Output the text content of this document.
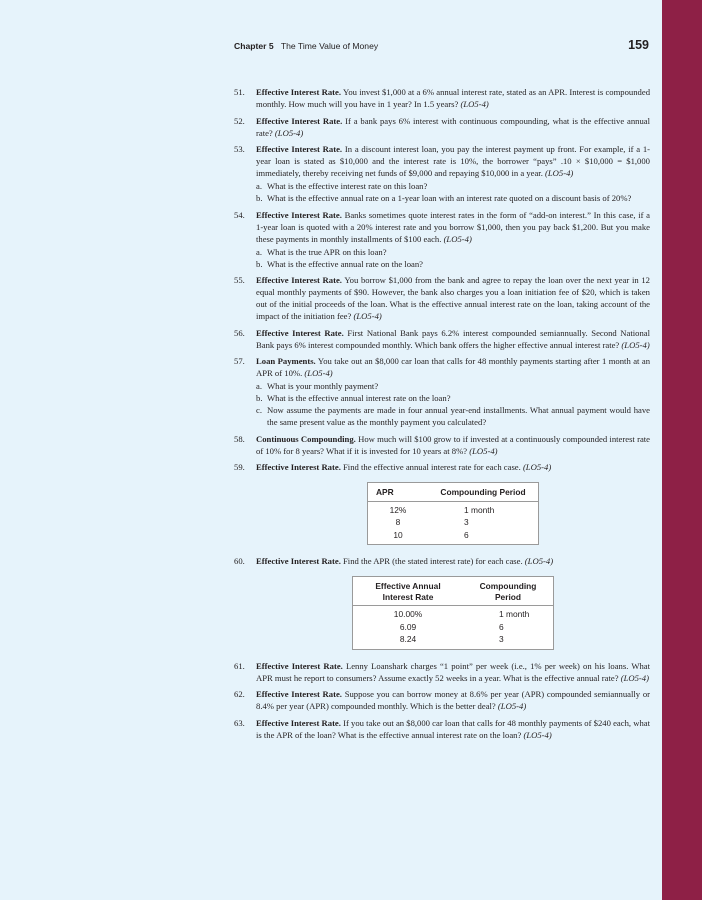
Chapter 5 The Time Value of Money	159
51. Effective Interest Rate. You invest $1,000 at a 6% annual interest rate, stated as an APR. Interest is compounded monthly. How much will you have in 1 year? In 1.5 years? (LO5-4)
52. Effective Interest Rate. If a bank pays 6% interest with continuous compounding, what is the effective annual rate? (LO5-4)
53. Effective Interest Rate. In a discount interest loan, you pay the interest payment up front. For example, if a 1-year loan is stated as $10,000 and the interest rate is 10%, the borrower “pays” .10 × $10,000 = $1,000 immediately, thereby receiving net funds of $9,000 and repaying $10,000 in a year. (LO5-4)
a. What is the effective interest rate on this loan?
b. What is the effective annual rate on a 1-year loan with an interest rate quoted on a discount basis of 20%?
54. Effective Interest Rate. Banks sometimes quote interest rates in the form of “add-on interest.” In this case, if a 1-year loan is quoted with a 20% interest rate and you borrow $1,000, then you pay back $1,200. But you make these payments in monthly installments of $100 each. (LO5-4)
a. What is the true APR on this loan?
b. What is the effective annual rate on the loan?
55. Effective Interest Rate. You borrow $1,000 from the bank and agree to repay the loan over the next year in 12 equal monthly payments of $90. However, the bank also charges you a loan initiation fee of $20, which is taken out of the initial proceeds of the loan. What is the effective annual interest rate on the loan, taking account of the impact of the initiation fee? (LO5-4)
56. Effective Interest Rate. First National Bank pays 6.2% interest compounded semiannually. Second National Bank pays 6% interest compounded monthly. Which bank offers the higher effective annual interest rate? (LO5-4)
57. Loan Payments. You take out an $8,000 car loan that calls for 48 monthly payments starting after 1 month at an APR of 10%. (LO5-4)
a. What is your monthly payment?
b. What is the effective annual interest rate on the loan?
c. Now assume the payments are made in four annual year-end installments. What annual payment would have the same present value as the monthly payment you calculated?
58. Continuous Compounding. How much will $100 grow to if invested at a continuously compounded interest rate of 10% for 8 years? What if it is invested for 10 years at 8%? (LO5-4)
59. Effective Interest Rate. Find the effective annual interest rate for each case. (LO5-4)
APR	Compounding Period
12%	1 month
8	3
10	6
60. Effective Interest Rate. Find the APR (the stated interest rate) for each case. (LO5-4)
Effective Annual Interest Rate	Compounding Period
10.00%	1 month
6.09	6
8.24	3
61. Effective Interest Rate. Lenny Loanshark charges “1 point” per week (i.e., 1% per week) on his loans. What APR must he report to consumers? Assume exactly 52 weeks in a year. What is the effective annual rate? (LO5-4)
62. Effective Interest Rate. Suppose you can borrow money at 8.6% per year (APR) compounded semiannually or 8.4% per year (APR) compounded monthly. Which is the better deal? (LO5-4)
63. Effective Interest Rate. If you take out an $8,000 car loan that calls for 48 monthly payments of $240 each, what is the APR of the loan? What is the effective annual interest rate on the loan? (LO5-4)
